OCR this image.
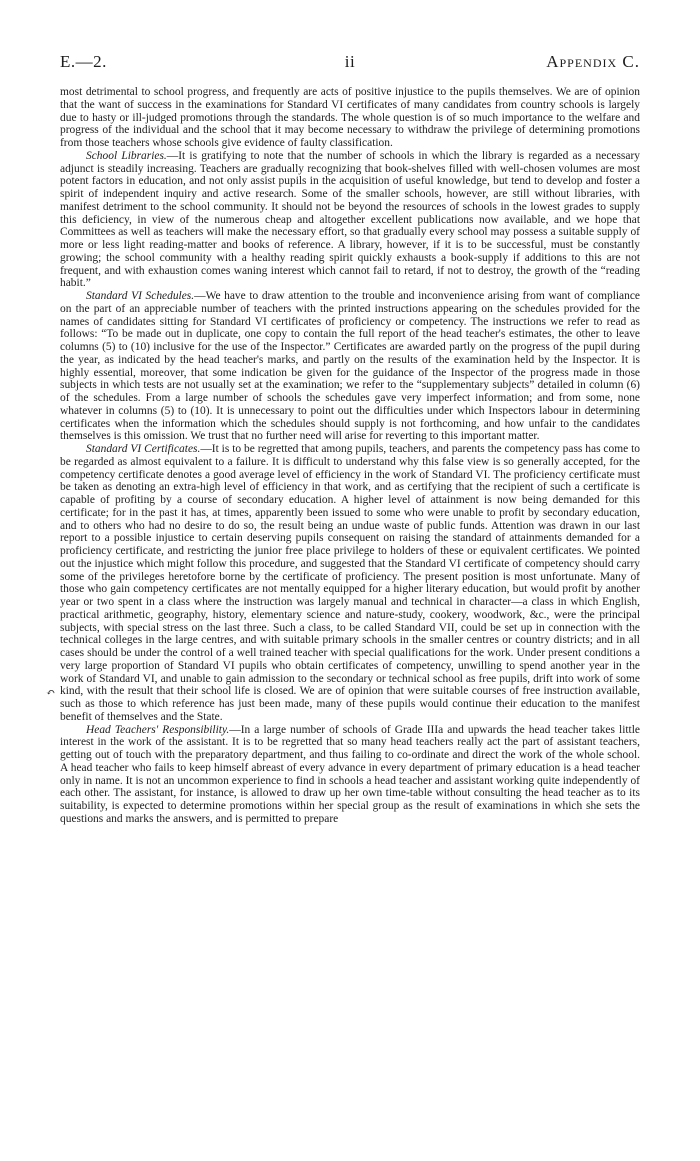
E.—2.	ii	Appendix C.
↶

most detrimental to school progress, and frequently are acts of positive injustice to the pupils themselves. We are of opinion that the want of success in the examinations for Standard VI certificates of many candidates from country schools is largely due to hasty or ill-judged promotions through the standards. The whole question is of so much importance to the welfare and progress of the individual and the school that it may become necessary to withdraw the privilege of determining promotions from those teachers whose schools give evidence of faulty classification.

School Libraries.—It is gratifying to note that the number of schools in which the library is regarded as a necessary adjunct is steadily increasing. Teachers are gradually recognizing that book-shelves filled with well-chosen volumes are most potent factors in education, and not only assist pupils in the acquisition of useful knowledge, but tend to develop and foster a spirit of independent inquiry and active research. Some of the smaller schools, however, are still without libraries, with manifest detriment to the school community. It should not be beyond the resources of schools in the lowest grades to supply this deficiency, in view of the numerous cheap and altogether excellent publications now available, and we hope that Committees as well as teachers will make the necessary effort, so that gradually every school may possess a suitable supply of more or less light reading-matter and books of reference. A library, however, if it is to be successful, must be constantly growing; the school community with a healthy reading spirit quickly exhausts a book-supply if additions to this are not frequent, and with exhaustion comes waning interest which cannot fail to retard, if not to destroy, the growth of the “reading habit.”

Standard VI Schedules.—We have to draw attention to the trouble and inconvenience arising from want of compliance on the part of an appreciable number of teachers with the printed instructions appearing on the schedules provided for the names of candidates sitting for Standard VI certificates of proficiency or competency. The instructions we refer to read as follows: “To be made out in duplicate, one copy to contain the full report of the head teacher's estimates, the other to leave columns (5) to (10) inclusive for the use of the Inspector.” Certificates are awarded partly on the progress of the pupil during the year, as indicated by the head teacher's marks, and partly on the results of the examination held by the Inspector. It is highly essential, moreover, that some indication be given for the guidance of the Inspector of the progress made in those subjects in which tests are not usually set at the examination; we refer to the “supplementary subjects” detailed in column (6) of the schedules. From a large number of schools the schedules gave very imperfect information; and from some, none whatever in columns (5) to (10). It is unnecessary to point out the difficulties under which Inspectors labour in determining certificates when the information which the schedules should supply is not forthcoming, and how unfair to the candidates themselves is this omission. We trust that no further need will arise for reverting to this important matter.

Standard VI Certificates.—It is to be regretted that among pupils, teachers, and parents the competency pass has come to be regarded as almost equivalent to a failure. It is difficult to understand why this false view is so generally accepted, for the competency certificate denotes a good average level of efficiency in the work of Standard VI. The proficiency certificate must be taken as denoting an extra-high level of efficiency in that work, and as certifying that the recipient of such a certificate is capable of profiting by a course of secondary education. A higher level of attainment is now being demanded for this certificate; for in the past it has, at times, apparently been issued to some who were unable to profit by secondary education, and to others who had no desire to do so, the result being an undue waste of public funds. Attention was drawn in our last report to a possible injustice to certain deserving pupils consequent on raising the standard of attainments demanded for a proficiency certificate, and restricting the junior free place privilege to holders of these or equivalent certificates. We pointed out the injustice which might follow this procedure, and suggested that the Standard VI certificate of competency should carry some of the privileges heretofore borne by the certificate of proficiency. The present position is most unfortunate. Many of those who gain competency certificates are not mentally equipped for a higher literary education, but would profit by another year or two spent in a class where the instruction was largely manual and technical in character—a class in which English, practical arithmetic, geography, history, elementary science and nature-study, cookery, woodwork, &c., were the principal subjects, with special stress on the last three. Such a class, to be called Standard VII, could be set up in connection with the technical colleges in the large centres, and with suitable primary schools in the smaller centres or country districts; and in all cases should be under the control of a well trained teacher with special qualifications for the work. Under present conditions a very large proportion of Standard VI pupils who obtain certificates of competency, unwilling to spend another year in the work of Standard VI, and unable to gain admission to the secondary or technical school as free pupils, drift into work of some kind, with the result that their school life is closed. We are of opinion that were suitable courses of free instruction available, such as those to which reference has just been made, many of these pupils would continue their education to the manifest benefit of themselves and the State.

Head Teachers' Responsibility.—In a large number of schools of Grade IIIa and upwards the head teacher takes little interest in the work of the assistant. It is to be regretted that so many head teachers really act the part of assistant teachers, getting out of touch with the preparatory department, and thus failing to co-ordinate and direct the work of the whole school. A head teacher who fails to keep himself abreast of every advance in every department of primary education is a head teacher only in name. It is not an uncommon experience to find in schools a head teacher and assistant working quite independently of each other. The assistant, for instance, is allowed to draw up her own time-table without consulting the head teacher as to its suitability, is expected to determine promotions within her special group as the result of examinations in which she sets the questions and marks the answers, and is permitted to prepare
